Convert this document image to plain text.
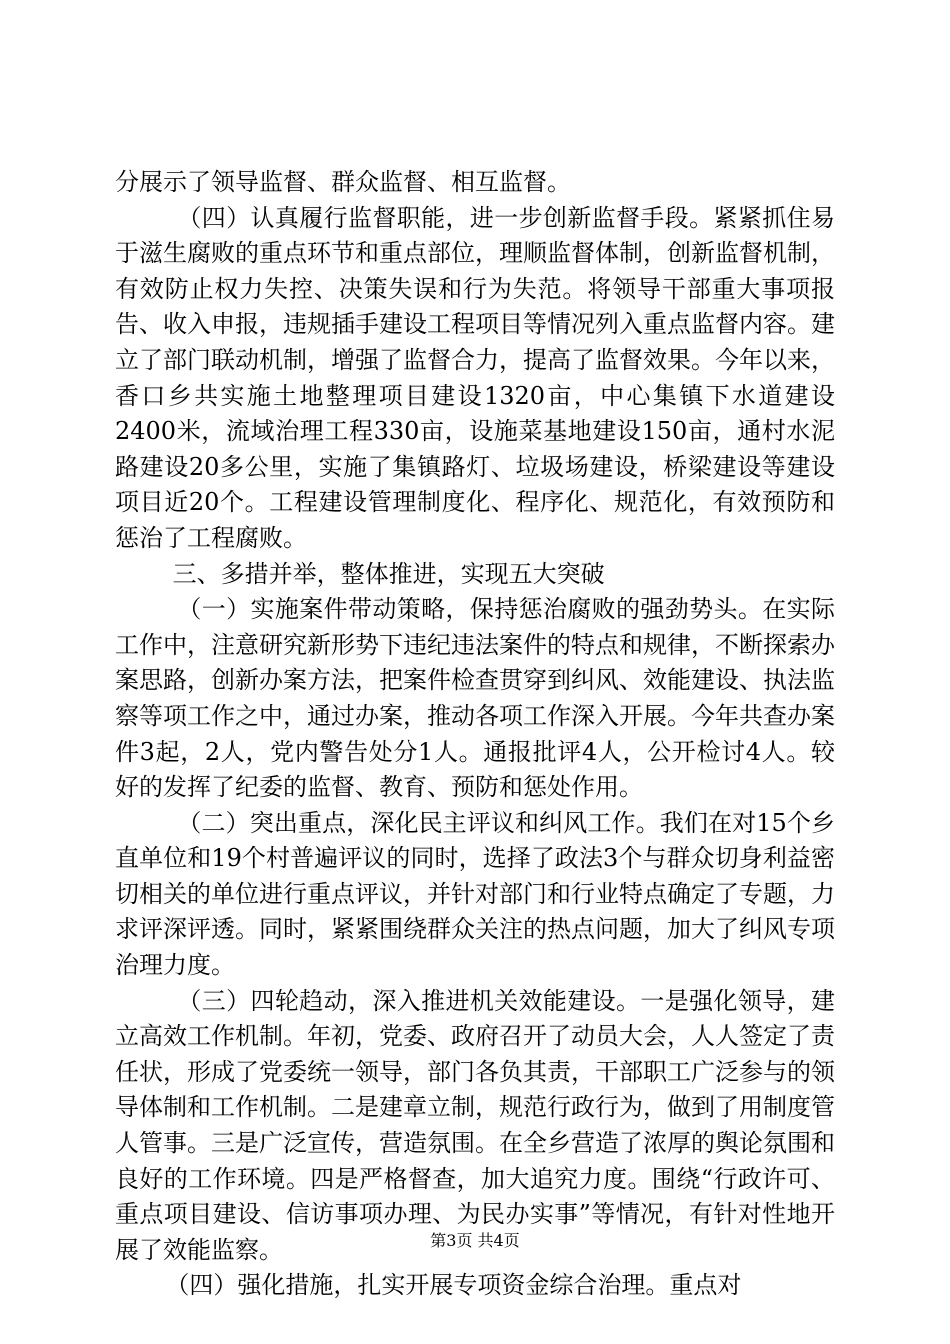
分展示了领导监督、群众监督、相互监督。

（四）认真履行监督职能，进一步创新监督手段。紧紧抓住易于滋生腐败的重点环节和重点部位，理顺监督体制，创新监督机制，有效防止权力失控、决策失误和行为失范。将领导干部重大事项报告、收入申报，违规插手建设工程项目等情况列入重点监督内容。建立了部门联动机制，增强了监督合力，提高了监督效果。今年以来，香口乡共实施土地整理项目建设1320亩，中心集镇下水道建设2400米，流域治理工程330亩，设施菜基地建设150亩，通村水泥路建设20多公里，实施了集镇路灯、垃圾场建设，桥梁建设等建设项目近20个。工程建设管理制度化、程序化、规范化，有效预防和惩治了工程腐败。

三、多措并举，整体推进，实现五大突破

（一）实施案件带动策略，保持惩治腐败的强劲势头。在实际工作中，注意研究新形势下违纪违法案件的特点和规律，不断探索办案思路，创新办案方法，把案件检查贯穿到纠风、效能建设、执法监察等项工作之中，通过办案，推动各项工作深入开展。今年共查办案件3起，2人，党内警告处分1人。通报批评4人，公开检讨4人。较好的发挥了纪委的监督、教育、预防和惩处作用。

（二）突出重点，深化民主评议和纠风工作。我们在对15个乡直单位和19个村普遍评议的同时，选择了政法3个与群众切身利益密切相关的单位进行重点评议，并针对部门和行业特点确定了专题，力求评深评透。同时，紧紧围绕群众关注的热点问题，加大了纠风专项治理力度。

（三）四轮趋动，深入推进机关效能建设。一是强化领导，建立高效工作机制。年初，党委、政府召开了动员大会，人人签定了责任状，形成了党委统一领导，部门各负其责，干部职工广泛参与的领导体制和工作机制。二是建章立制，规范行政行为，做到了用制度管人管事。三是广泛宣传，营造氛围。在全乡营造了浓厚的舆论氛围和良好的工作环境。四是严格督查，加大追究力度。围绕“行政许可、重点项目建设、信访事项办理、为民办实事”等情况，有针对性地开展了效能监察。

（四）强化措施，扎实开展专项资金综合治理。重点对

第3页 共4页
